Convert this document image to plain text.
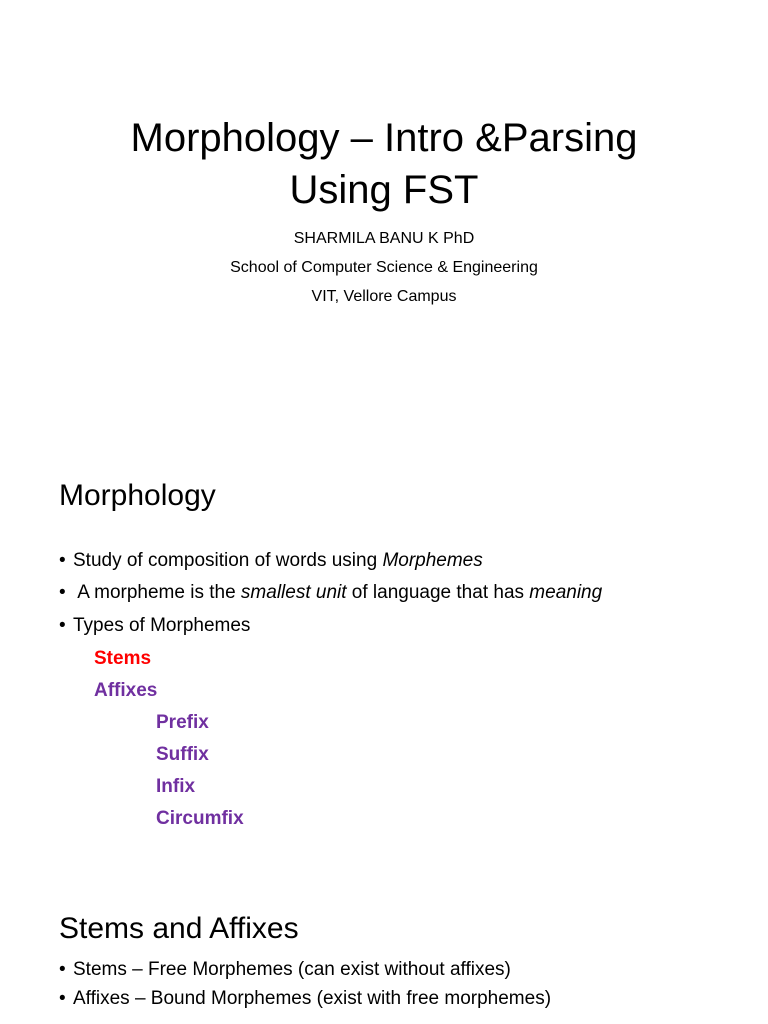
Morphology – Intro &Parsing
Using FST
SHARMILA BANU K PhD
School of Computer Science & Engineering
VIT, Vellore Campus
Morphology
• Study of composition of words using Morphemes
• A morpheme is the smallest unit of language that has meaning
• Types of Morphemes
Stems
Affixes
Prefix
Suffix
Infix
Circumfix
Stems and Affixes
• Stems – Free Morphemes (can exist without affixes)
• Affixes – Bound Morphemes (exist with free morphemes)
